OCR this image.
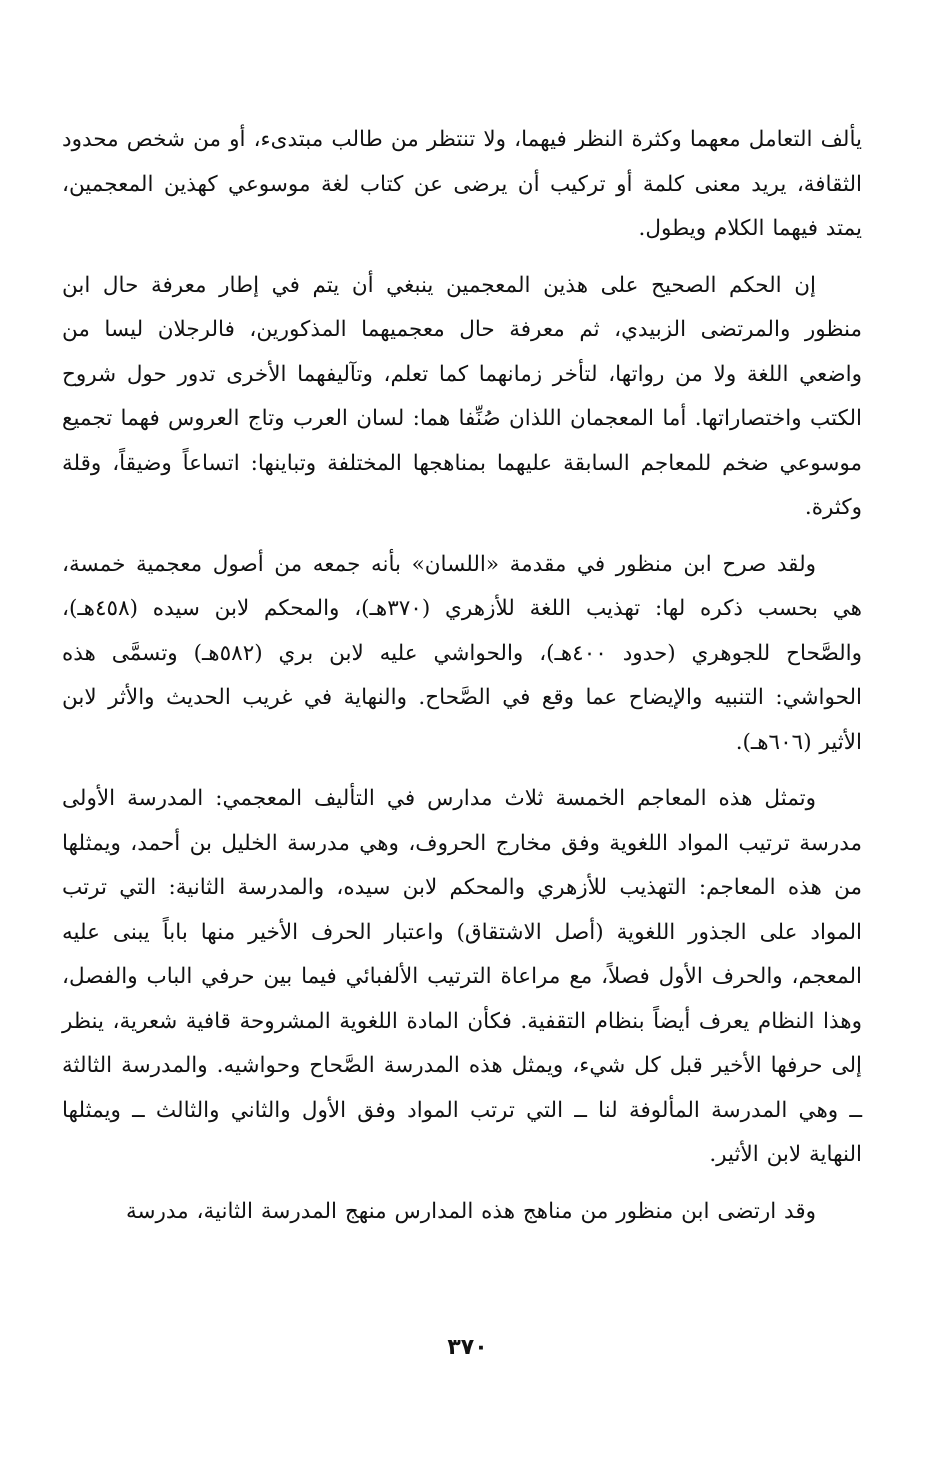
يألف التعامل معهما وكثرة النظر فيهما، ولا تنتظر من طالب مبتدىء، أو من شخص محدود الثقافة، يريد معنى كلمة أو تركيب أن يرضى عن كتاب لغة موسوعي كهذين المعجمين، يمتد فيهما الكلام ويطول.

إن الحكم الصحيح على هذين المعجمين ينبغي أن يتم في إطار معرفة حال ابن منظور والمرتضى الزبيدي، ثم معرفة حال معجميهما المذكورين، فالرجلان ليسا من واضعي اللغة ولا من رواتها، لتأخر زمانهما كما تعلم، وتآليفهما الأخرى تدور حول شروح الكتب واختصاراتها. أما المعجمان اللذان صُنِّفا هما: لسان العرب وتاج العروس فهما تجميع موسوعي ضخم للمعاجم السابقة عليهما بمناهجها المختلفة وتباينها: اتساعاً وضيقاً، وقلة وكثرة.

ولقد صرح ابن منظور في مقدمة «اللسان» بأنه جمعه من أصول معجمية خمسة، هي بحسب ذكره لها: تهذيب اللغة للأزهري (٣٧٠هـ)، والمحكم لابن سيده (٤٥٨هـ)، والصَّحاح للجوهري (حدود ٤٠٠هـ)، والحواشي عليه لابن بري (٥٨٢هـ) وتسمَّى هذه الحواشي: التنبيه والإيضاح عما وقع في الصَّحاح. والنهاية في غريب الحديث والأثر لابن الأثير (٦٠٦هـ).

وتمثل هذه المعاجم الخمسة ثلاث مدارس في التأليف المعجمي: المدرسة الأولى مدرسة ترتيب المواد اللغوية وفق مخارج الحروف، وهي مدرسة الخليل بن أحمد، ويمثلها من هذه المعاجم: التهذيب للأزهري والمحكم لابن سيده، والمدرسة الثانية: التي ترتب المواد على الجذور اللغوية (أصل الاشتقاق) واعتبار الحرف الأخير منها باباً يبنى عليه المعجم، والحرف الأول فصلاً، مع مراعاة الترتيب الألفبائي فيما بين حرفي الباب والفصل، وهذا النظام يعرف أيضاً بنظام التقفية. فكأن المادة اللغوية المشروحة قافية شعرية، ينظر إلى حرفها الأخير قبل كل شيء، ويمثل هذه المدرسة الصَّحاح وحواشيه. والمدرسة الثالثة ــ وهي المدرسة المألوفة لنا ــ التي ترتب المواد وفق الأول والثاني والثالث ــ ويمثلها النهاية لابن الأثير.

وقد ارتضى ابن منظور من مناهج هذه المدارس منهج المدرسة الثانية، مدرسة

٣٧٠
